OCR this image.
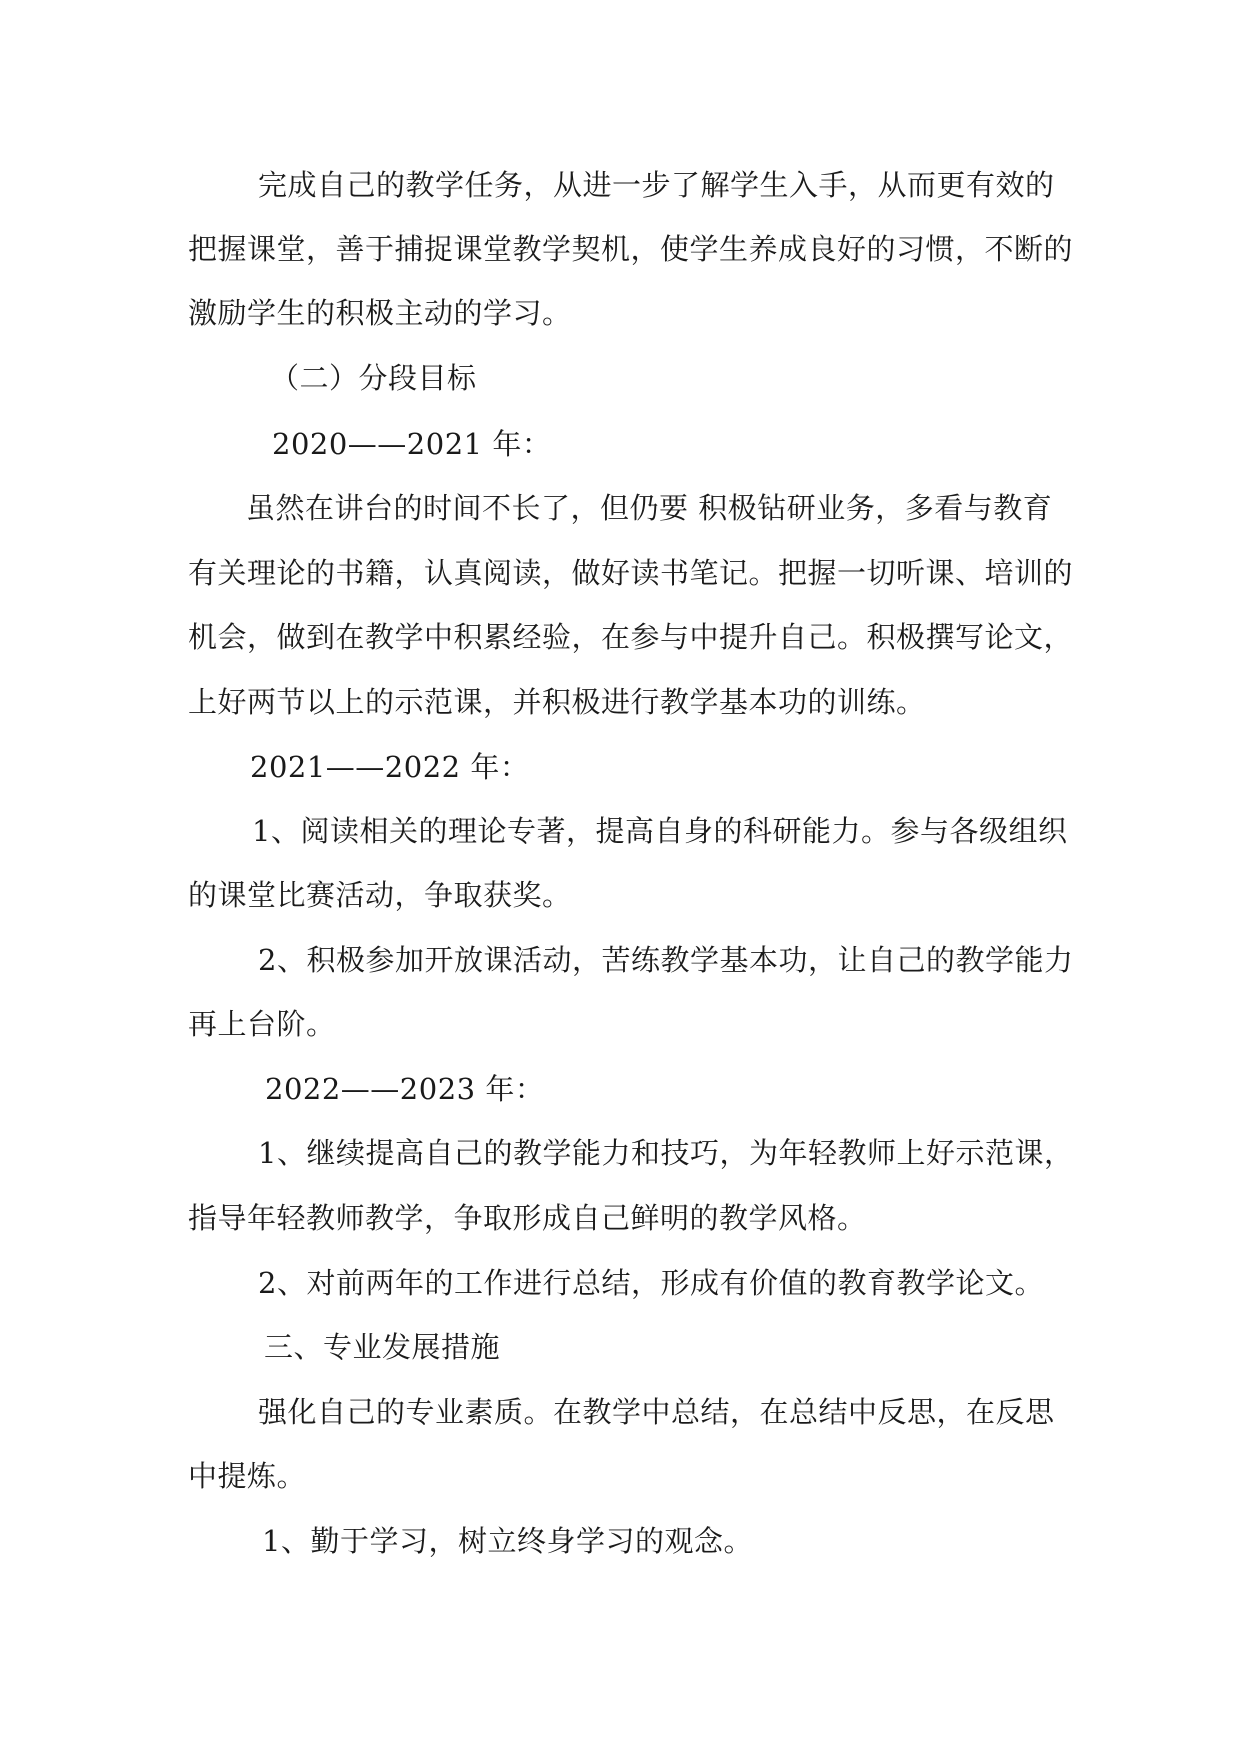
完成自己的教学任务，从进一步了解学生入手，从而更有效的
把握课堂，善于捕捉课堂教学契机，使学生养成良好的习惯，不断的
激励学生的积极主动的学习。
（二）分段目标
2020——2021 年：
虽然在讲台的时间不长了，但仍要 积极钻研业务，多看与教育
有关理论的书籍，认真阅读，做好读书笔记。把握一切听课、培训的
机会，做到在教学中积累经验，在参与中提升自己。积极撰写论文，
上好两节以上的示范课，并积极进行教学基本功的训练。
2021——2022 年：
1、阅读相关的理论专著，提高自身的科研能力。参与各级组织
的课堂比赛活动，争取获奖。
2、积极参加开放课活动，苦练教学基本功，让自己的教学能力
再上台阶。
2022——2023 年：
1、继续提高自己的教学能力和技巧，为年轻教师上好示范课，
指导年轻教师教学，争取形成自己鲜明的教学风格。
2、对前两年的工作进行总结，形成有价值的教育教学论文。
三、专业发展措施
强化自己的专业素质。在教学中总结，在总结中反思，在反思
中提炼。
1、勤于学习，树立终身学习的观念。
